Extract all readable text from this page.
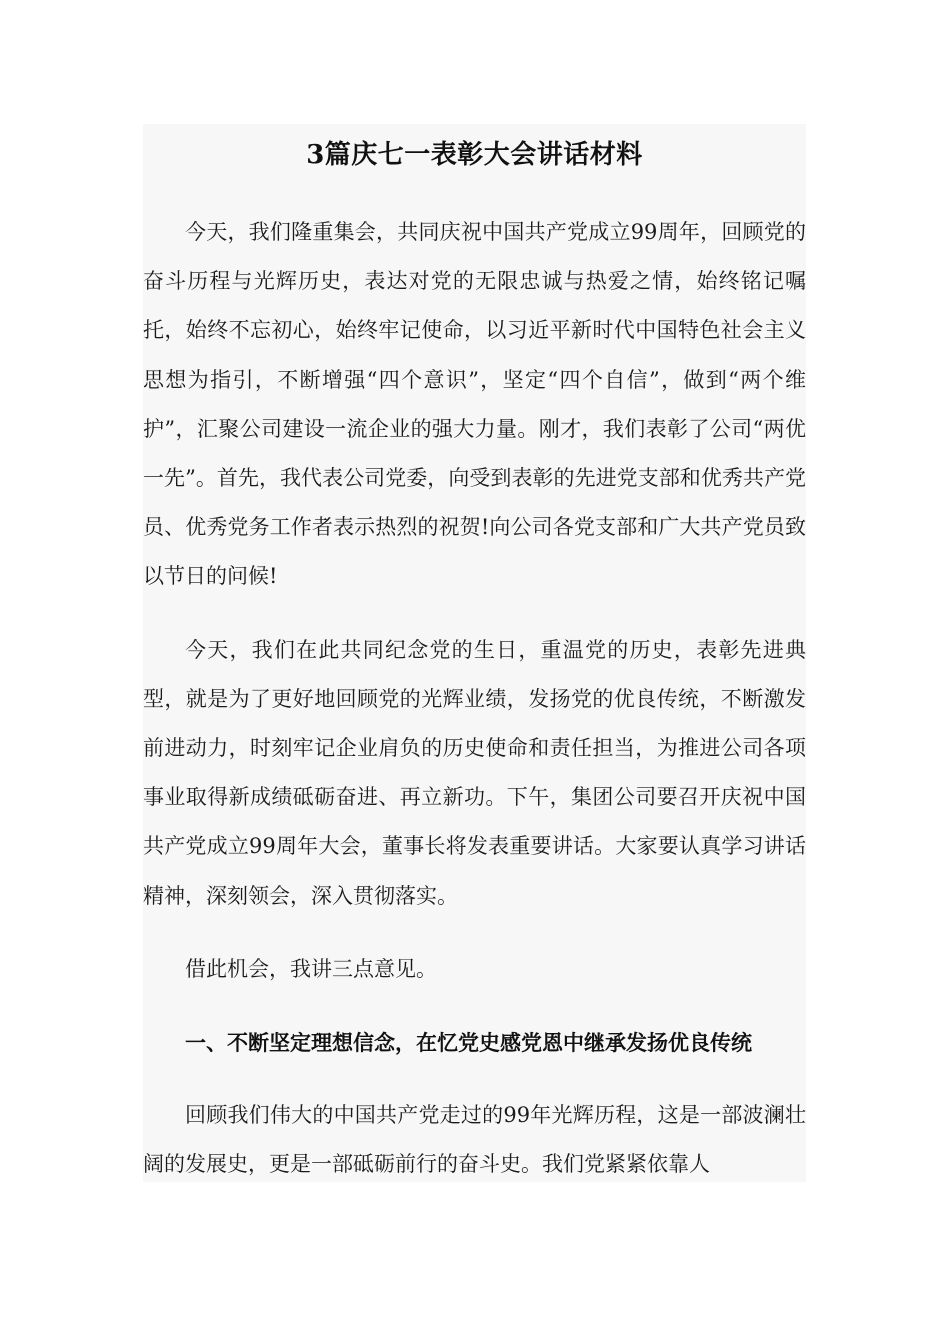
3篇庆七一表彰大会讲话材料

今天，我们隆重集会，共同庆祝中国共产党成立99周年，回顾党的奋斗历程与光辉历史，表达对党的无限忠诚与热爱之情，始终铭记嘱托，始终不忘初心，始终牢记使命，以习近平新时代中国特色社会主义思想为指引，不断增强“四个意识”，坚定“四个自信”，做到“两个维护”，汇聚公司建设一流企业的强大力量。刚才，我们表彰了公司“两优一先”。首先，我代表公司党委，向受到表彰的先进党支部和优秀共产党员、优秀党务工作者表示热烈的祝贺!向公司各党支部和广大共产党员致以节日的问候!

今天，我们在此共同纪念党的生日，重温党的历史，表彰先进典型，就是为了更好地回顾党的光辉业绩，发扬党的优良传统，不断激发前进动力，时刻牢记企业肩负的历史使命和责任担当，为推进公司各项事业取得新成绩砥砺奋进、再立新功。下午，集团公司要召开庆祝中国共产党成立99周年大会，董事长将发表重要讲话。大家要认真学习讲话精神，深刻领会，深入贯彻落实。

借此机会，我讲三点意见。

一、不断坚定理想信念，在忆党史感党恩中继承发扬优良传统

回顾我们伟大的中国共产党走过的99年光辉历程，这是一部波澜壮阔的发展史，更是一部砥砺前行的奋斗史。我们党紧紧依靠人
